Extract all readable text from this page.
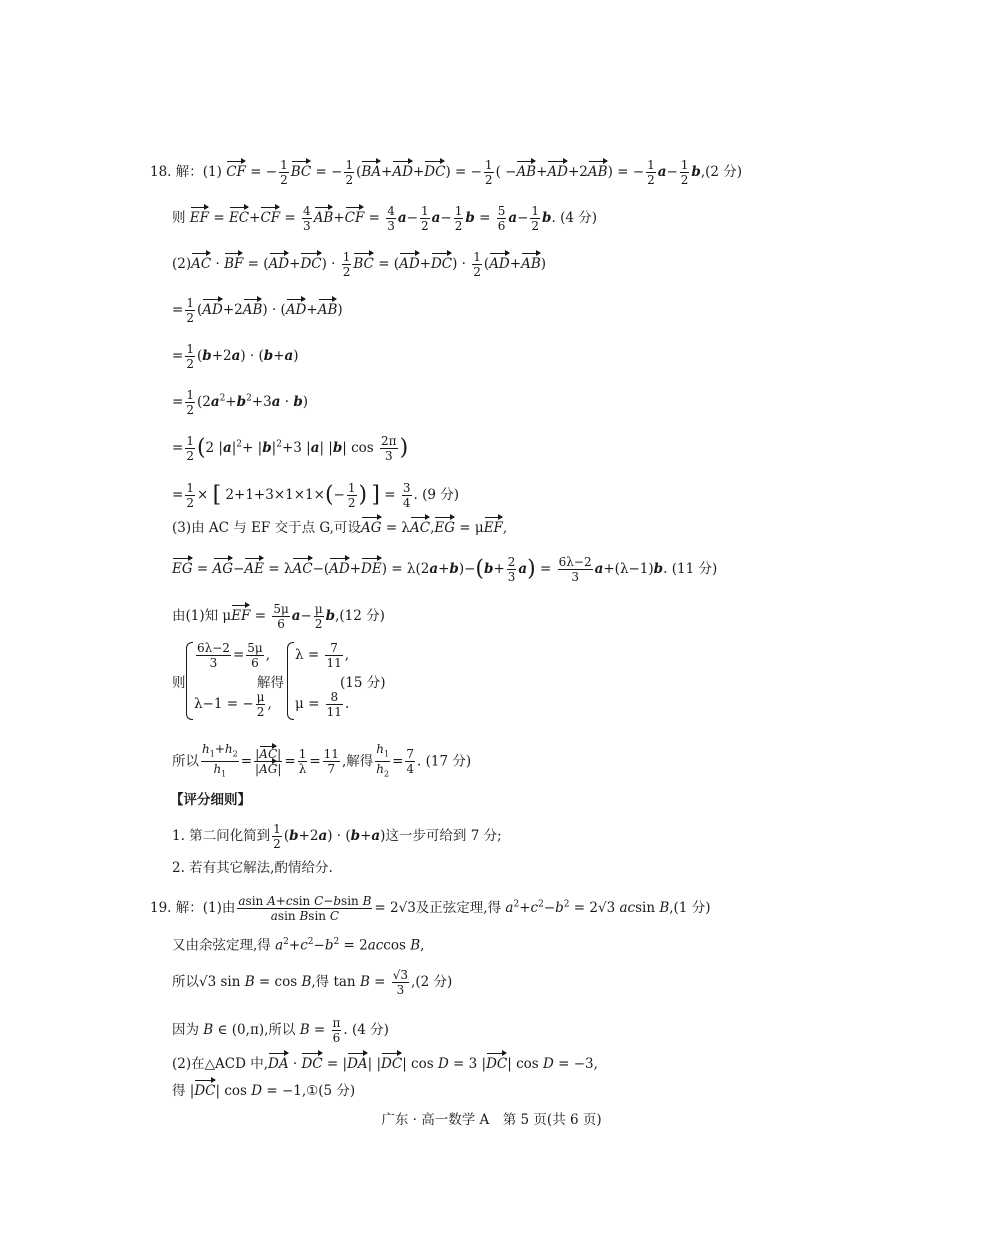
18. 解：(1) CF = − $\frac{1}{2}$ BC = − $\frac{1}{2} (BA+AD+DC)$ = − $\frac{1}{2}$ ( −AB+AD+2AB) = − $\frac{1}{2} a- \frac{1}{2} b,(2$ 分)
则 EF = $EC+CF = \frac{4}{3} AB+CF = \frac{4}{3} a- \frac{1}{2} a- \frac{1}{2}$ $b = \frac{5}{6} a- \frac{1}{2} b$. (4 分)
(2)AC · BF = $(AD+DC) \cdot \frac{1}{2}$ BC = $(AD+DC) \cdot \frac{1}{2} (AD+AB)$
= $\frac{1}{2} (AD+2AB) \cdot (AD+AB)$
= $\frac{1}{2} (b+2a) \cdot (b+a)$
= $\frac{1}{2} (2a^2+b^2+3a \cdot b)$
= $\frac{1}{2} (2$ $|a|^2+ |b|^2+3$ |a| |b| $\cos \frac{2\pi}{3}$ )
= $\frac{1}{2}$ × [ $2+1+3\times 1\times 1\times(- \frac{1}{2}$ ) ] = $\frac{3}{4}$ . (9 分)
(3)由 AC 与 EF 交于点 G,可设AG = λAC,EG = μEF,
EG = $AG-AE = \lambda AC-(AD+DE) = \lambda(2a+b)-(b+ \frac{2}{3} a) = \frac{6\lambda-2}{3} a+(\lambda-1)b$. (11 分)
由(1)知 $\mu EF = \frac{5\mu}{6} a- \frac{\mu}{2} b,(12$ 分)
则
$\frac{6\lambda-2}{3} = \frac{5\mu}{6}$ ,
λ−1 = − $\frac{\mu}{2}$ ,
解得
$\lambda = \frac{7}{11}$ ,
$\mu = \frac{8}{11}$ .
(15 分)
所以 $\frac{h_1+h_2}{h_1} = \frac{|AC|}{|AG|} = \frac{1}{\lambda} = \frac{11}{7}$ ,解得 $\frac{h_1}{h_2} = \frac{7}{4}$ . (17 分)
【评分细则】
1. 第二问化简到 $\frac{1}{2} (b+2a) \cdot (b+a)$这一步可给到 7 分;
2. 若有其它解法,酌情给分.
19. 解：(1)由 $\frac{\text{asin A+csin C−bsin B}}{\text{asin Bsin C}} = 2√3$及正弦定理,得 $a^2+c^2-b^2 = 2√3$ acsin B,(1 分)
又由余弦定理,得 $a^2+c^2-b^2 = 2accos$ B,
所以√3 sin B = cos B,得 $\tan B = \frac{√3}{3} ,(2$ 分)
因为 B ∈ (0,π),所以 $B = \frac{\pi}{6}$ . (4 分)
(2)在△ACD 中,DA · DC = |DA| |DC| cos D = 3 |DC| cos D = −3,
得 |DC| cos D = −1,①(5 分)
广东 · 高一数学 A　第 5 页(共 6 页)
